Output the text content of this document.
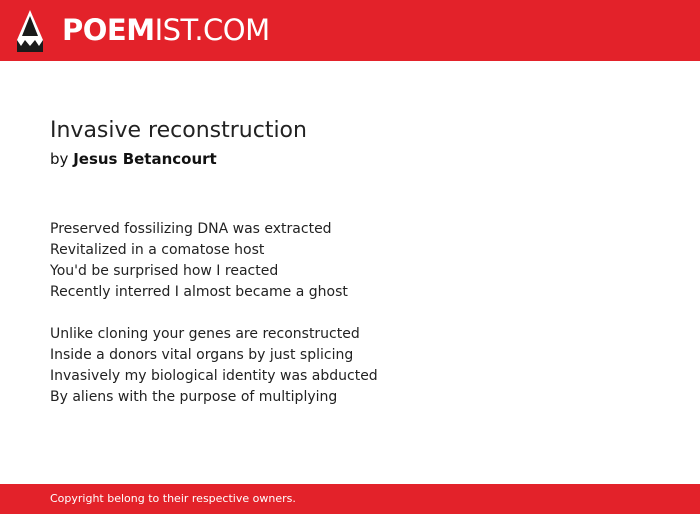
POEMIST.COM
Invasive reconstruction
by Jesus Betancourt
Preserved fossilizing DNA was extracted
Revitalized in a comatose host
You'd be surprised how I reacted
Recently interred I almost became a ghost
Unlike cloning your genes are reconstructed
Inside a donors vital organs by just splicing
Invasively my biological identity was abducted
By aliens with the purpose of multiplying
Copyright belong to their respective owners.
